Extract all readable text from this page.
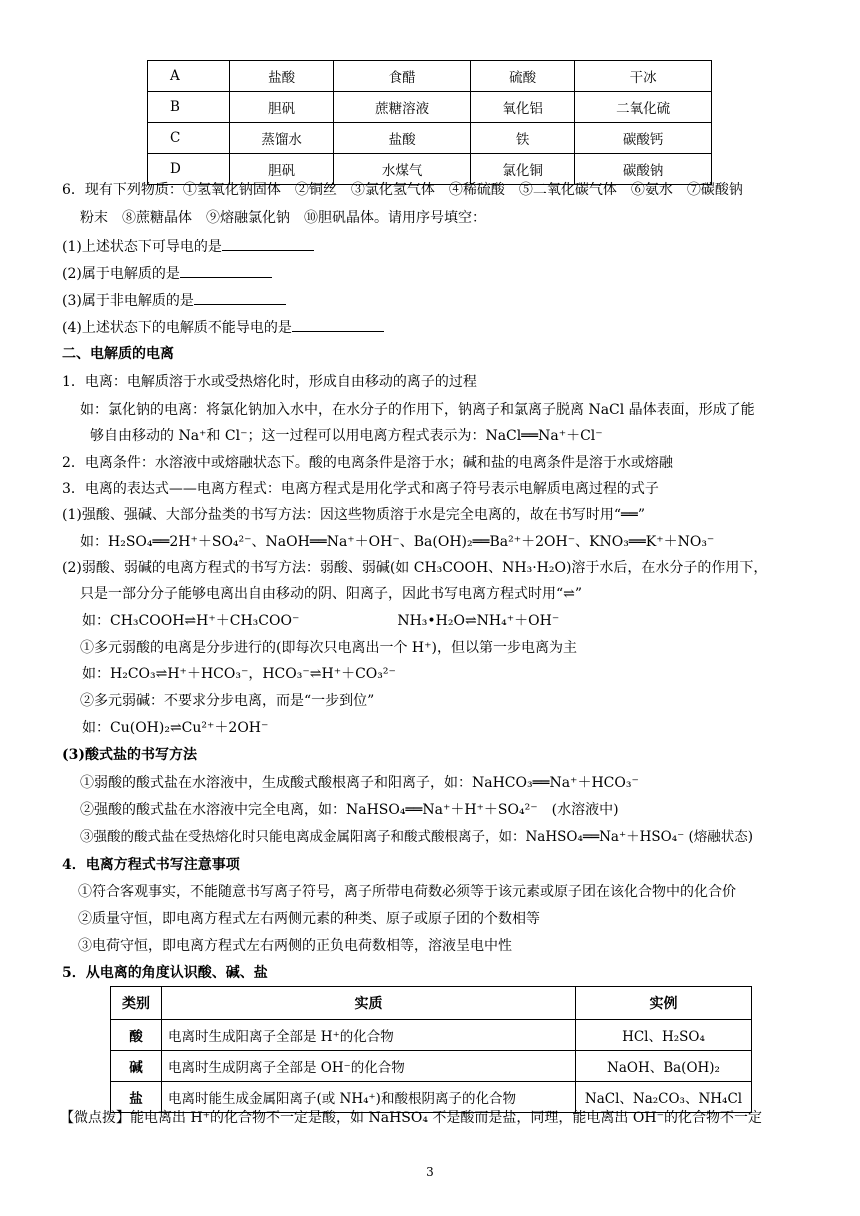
A	盐酸	食醋	硫酸	干冰
B	胆矾	蔗糖溶液	氧化铝	二氧化硫
C	蒸馏水	盐酸	铁	碳酸钙
D	胆矾	水煤气	氯化铜	碳酸钠
6．现有下列物质：①氢氧化钠固体　②铜丝　③氯化氢气体　④稀硫酸　⑤二氧化碳气体　⑥氨水　⑦碳酸钠
粉末　⑧蔗糖晶体　⑨熔融氯化钠　⑩胆矾晶体。请用序号填空：
(1)上述状态下可导电的是
(2)属于电解质的是
(3)属于非电解质的是
(4)上述状态下的电解质不能导电的是
二、电解质的电离
1．电离：电解质溶于水或受热熔化时，形成自由移动的离子的过程
如：氯化钠的电离：将氯化钠加入水中，在水分子的作用下，钠离子和氯离子脱离 NaCl 晶体表面，形成了能
够自由移动的 Na⁺和 Cl⁻；这一过程可以用电离方程式表示为：NaCl══Na⁺＋Cl⁻
2．电离条件：水溶液中或熔融状态下。酸的电离条件是溶于水；碱和盐的电离条件是溶于水或熔融
3．电离的表达式——电离方程式：电离方程式是用化学式和离子符号表示电解质电离过程的式子
(1)强酸、强碱、大部分盐类的书写方法：因这些物质溶于水是完全电离的，故在书写时用“══”
如：H₂SO₄══2H⁺＋SO₄²⁻、NaOH══Na⁺＋OH⁻、Ba(OH)₂══Ba²⁺＋2OH⁻、KNO₃══K⁺＋NO₃⁻
(2)弱酸、弱碱的电离方程式的书写方法：弱酸、弱碱(如 CH₃COOH、NH₃·H₂O)溶于水后，在水分子的作用下，
只是一部分分子能够电离出自由移动的阴、阳离子，因此书写电离方程式时用“⇌”
如：CH₃COOH⇌H⁺＋CH₃COO⁻　　　　　　　NH₃•H₂O⇌NH₄⁺＋OH⁻
①多元弱酸的电离是分步进行的(即每次只电离出一个 H⁺)，但以第一步电离为主
如：H₂CO₃⇌H⁺＋HCO₃⁻，HCO₃⁻⇌H⁺＋CO₃²⁻
②多元弱碱：不要求分步电离，而是“一步到位”
如：Cu(OH)₂⇌Cu²⁺＋2OH⁻
(3)酸式盐的书写方法
①弱酸的酸式盐在水溶液中，生成酸式酸根离子和阳离子，如：NaHCO₃══Na⁺＋HCO₃⁻
②强酸的酸式盐在水溶液中完全电离，如：NaHSO₄══Na⁺＋H⁺＋SO₄²⁻　(水溶液中)
③强酸的酸式盐在受热熔化时只能电离成金属阳离子和酸式酸根离子，如：NaHSO₄══Na⁺＋HSO₄⁻ (熔融状态)
4．电离方程式书写注意事项
①符合客观事实，不能随意书写离子符号，离子所带电荷数必须等于该元素或原子团在该化合物中的化合价
②质量守恒，即电离方程式左右两侧元素的种类、原子或原子团的个数相等
③电荷守恒，即电离方程式左右两侧的正负电荷数相等，溶液呈电中性
5．从电离的角度认识酸、碱、盐
类别	实质	实例
酸	电离时生成阳离子全部是 H⁺的化合物	HCl、H₂SO₄
碱	电离时生成阴离子全部是 OH⁻的化合物	NaOH、Ba(OH)₂
盐	电离时能生成金属阳离子(或 NH₄⁺)和酸根阴离子的化合物	NaCl、Na₂CO₃、NH₄Cl
【微点拨】能电离出 H⁺的化合物不一定是酸，如 NaHSO₄ 不是酸而是盐，同理，能电离出 OH⁻的化合物不一定
3
